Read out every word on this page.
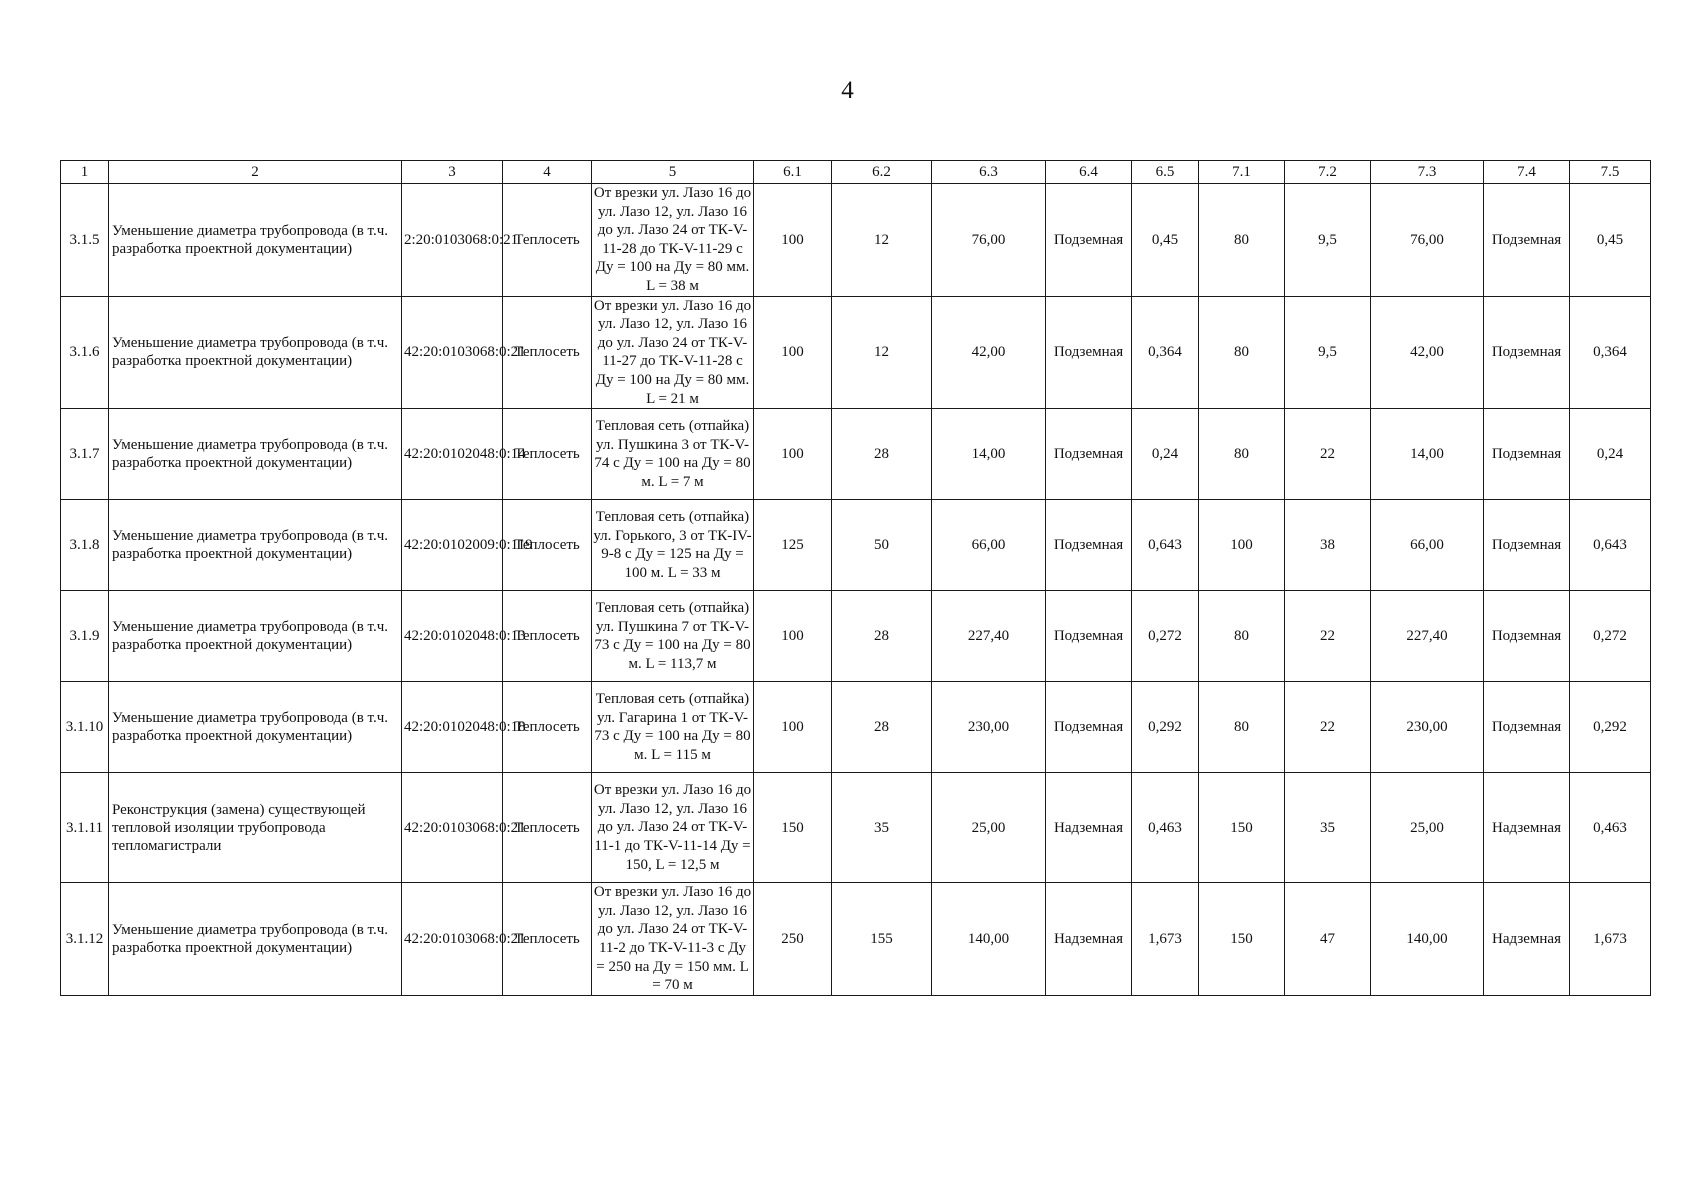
4
1	2	3	4	5	6.1	6.2	6.3	6.4	6.5	7.1	7.2	7.3	7.4	7.5
3.1.5	Уменьшение диаметра трубопровода (в т.ч. разработка проектной документации)	2:20:0103068:0:21	Теплосеть	От врезки ул. Лазо 16 до ул. Лазо 12, ул. Лазо 16 до ул. Лазо 24 от ТК-V-11-28 до ТК-V-11-29 с Ду = 100 на Ду = 80 мм. L = 38 м	100	12	76,00	Подземная	0,45	80	9,5	76,00	Подземная	0,45
3.1.6	Уменьшение диаметра трубопровода (в т.ч. разработка проектной документации)	42:20:0103068:0:21	Теплосеть	От врезки ул. Лазо 16 до ул. Лазо 12, ул. Лазо 16 до ул. Лазо 24 от ТК-V-11-27 до ТК-V-11-28 с Ду = 100 на Ду = 80 мм. L = 21 м	100	12	42,00	Подземная	0,364	80	9,5	42,00	Подземная	0,364
3.1.7	Уменьшение диаметра трубопровода (в т.ч. разработка проектной документации)	42:20:0102048:0:14	Теплосеть	Тепловая сеть (отпайка) ул. Пушкина 3 от ТК-V-74 с Ду = 100 на Ду = 80 м. L = 7 м	100	28	14,00	Подземная	0,24	80	22	14,00	Подземная	0,24
3.1.8	Уменьшение диаметра трубопровода (в т.ч. разработка проектной документации)	42:20:0102009:0:119	Теплосеть	Тепловая сеть (отпайка) ул. Горького, 3 от ТК-IV-9-8 с Ду = 125 на Ду = 100 м. L = 33 м	125	50	66,00	Подземная	0,643	100	38	66,00	Подземная	0,643
3.1.9	Уменьшение диаметра трубопровода (в т.ч. разработка проектной документации)	42:20:0102048:0:13	Теплосеть	Тепловая сеть (отпайка) ул. Пушкина 7 от ТК-V-73 с Ду = 100 на Ду = 80 м. L = 113,7 м	100	28	227,40	Подземная	0,272	80	22	227,40	Подземная	0,272
3.1.10	Уменьшение диаметра трубопровода (в т.ч. разработка проектной документации)	42:20:0102048:0:18	Теплосеть	Тепловая сеть (отпайка) ул. Гагарина 1 от ТК-V-73 с Ду = 100 на Ду = 80 м. L = 115 м	100	28	230,00	Подземная	0,292	80	22	230,00	Подземная	0,292
3.1.11	Реконструкция (замена) существующей тепловой изоляции трубопровода тепломагистрали	42:20:0103068:0:21	Теплосеть	От врезки ул. Лазо 16 до ул. Лазо 12, ул. Лазо 16 до ул. Лазо 24 от ТК-V-11-1 до ТК-V-11-14 Ду = 150, L = 12,5 м	150	35	25,00	Надземная	0,463	150	35	25,00	Надземная	0,463
3.1.12	Уменьшение диаметра трубопровода (в т.ч. разработка проектной документации)	42:20:0103068:0:21	Теплосеть	От врезки ул. Лазо 16 до ул. Лазо 12, ул. Лазо 16 до ул. Лазо 24 от ТК-V-11-2 до ТК-V-11-3 с Ду = 250 на Ду = 150 мм. L = 70 м	250	155	140,00	Надземная	1,673	150	47	140,00	Надземная	1,673
